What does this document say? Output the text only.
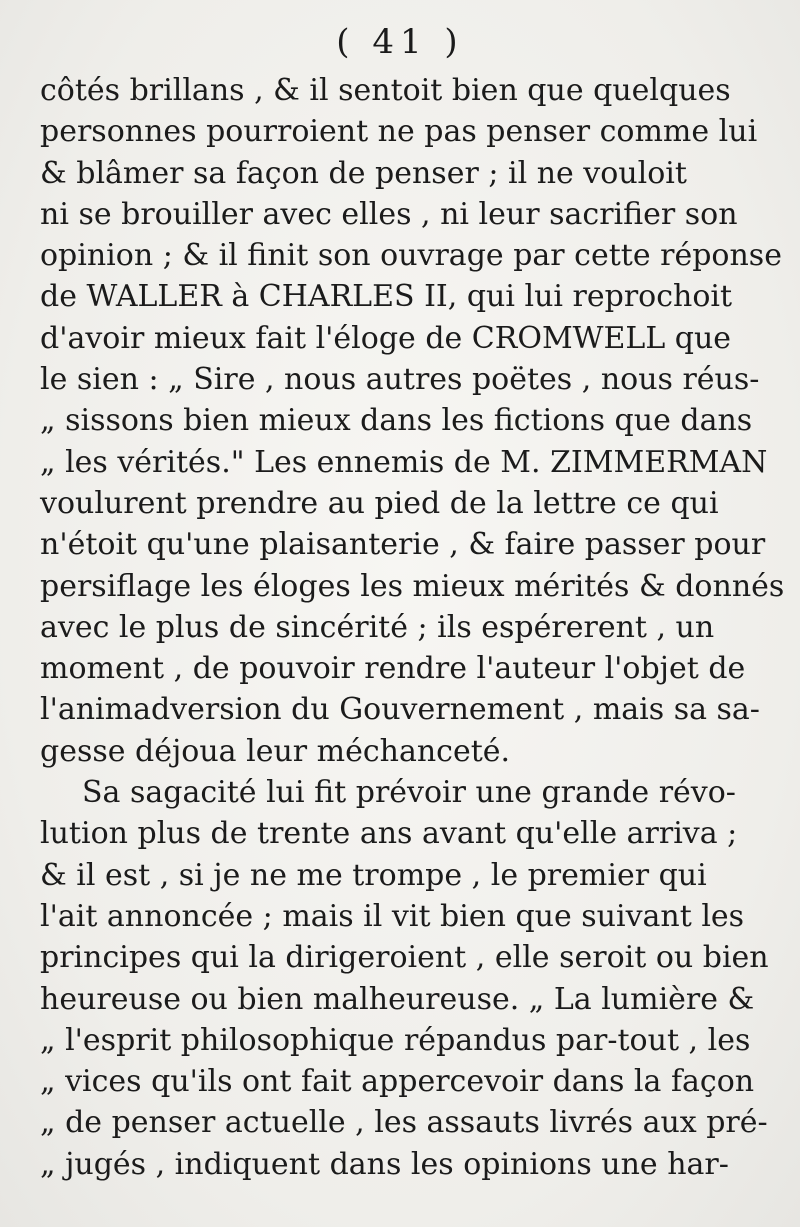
( 41 )
côtés brillans , & il sentoit bien que quelques
personnes pourroient ne pas penser comme lui
& blâmer sa façon de penser ; il ne vouloit
ni se brouiller avec elles , ni leur sacrifier son
opinion ; & il finit son ouvrage par cette réponse
de WALLER à CHARLES II, qui lui reprochoit
d'avoir mieux fait l'éloge de CROMWELL que
le sien : „ Sire , nous autres poëtes , nous réus-
„ sissons bien mieux dans les fictions que dans
„ les vérités." Les ennemis de M. ZIMMERMAN
voulurent prendre au pied de la lettre ce qui
n'étoit qu'une plaisanterie , & faire passer pour
persiflage les éloges les mieux mérités & donnés
avec le plus de sincérité ; ils espérerent , un
moment , de pouvoir rendre l'auteur l'objet de
l'animadversion du Gouvernement , mais sa sa-
gesse déjoua leur méchanceté.
Sa sagacité lui fit prévoir une grande révo-
lution plus de trente ans avant qu'elle arriva ;
& il est , si je ne me trompe , le premier qui
l'ait annoncée ; mais il vit bien que suivant les
principes qui la dirigeroient , elle seroit ou bien
heureuse ou bien malheureuse. „ La lumière &
„ l'esprit philosophique répandus par-tout , les
„ vices qu'ils ont fait appercevoir dans la façon
„ de penser actuelle , les assauts livrés aux pré-
„ jugés , indiquent dans les opinions une har-
